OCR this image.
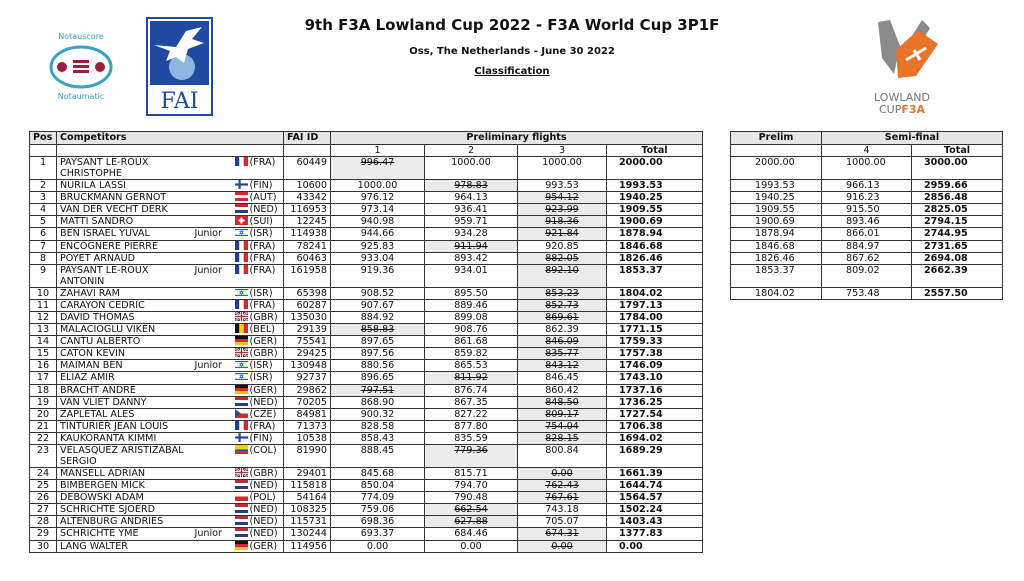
9th F3A Lowland Cup 2022 - F3A World Cup 3P1F
Oss, The Netherlands - June 30 2022
Classification
Notauscore
Notaumatic	FAI	LOWLAND
CUPF3A
Pos	Competitors			FAI ID	Preliminary flights					Prelim	Semi-final	
					1	2	3	Total			4	Total
1	PAYSANT LE-ROUX CHRISTOPHE		(FRA)	60449	996.47	1000.00	1000.00	2000.00		2000.00	1000.00	3000.00
2	NURILA LASSI		(FIN)	10600	1000.00	978.83	993.53	1993.53		1993.53	966.13	2959.66
3	BRUCKMANN GERNOT		(AUT)	43342	976.12	964.13	954.12	1940.25		1940.25	916.23	2856.48
4	VAN DER VECHT DERK		(NED)	116953	973.14	936.41	923.99	1909.55		1909.55	915.50	2825.05
5	MATTI SANDRO		(SUI)	12245	940.98	959.71	918.36	1900.69		1900.69	893.46	2794.15
6	BEN ISRAEL YUVAL	Junior	(ISR)	114938	944.66	934.28	921.84	1878.94		1878.94	866.01	2744.95
7	ENCOGNERE PIERRE		(FRA)	78241	925.83	911.94	920.85	1846.68		1846.68	884.97	2731.65
8	POYET ARNAUD		(FRA)	60463	933.04	893.42	882.05	1826.46		1826.46	867.62	2694.08
9	PAYSANT LE-ROUX ANTONIN	Junior	(FRA)	161958	919.36	934.01	892.10	1853.37		1853.37	809.02	2662.39
10	ZAHAVI RAM		(ISR)	65398	908.52	895.50	853.23	1804.02		1804.02	753.48	2557.50
11	CARAYON CEDRIC		(FRA)	60287	907.67	889.46	852.73	1797.13				
12	DAVID THOMAS		(GBR)	135030	884.92	899.08	869.61	1784.00				
13	MALACIOGLU VIKEN		(BEL)	29139	858.83	908.76	862.39	1771.15				
14	CANTU ALBERTO		(GER)	75541	897.65	861.68	846.09	1759.33				
15	CATON KEVIN		(GBR)	29425	897.56	859.82	835.77	1757.38				
16	MAIMAN BEN	Junior	(ISR)	130948	880.56	865.53	843.12	1746.09				
17	ELIAZ AMIR		(ISR)	92737	896.65	811.92	846.45	1743.10				
18	BRACHT ANDRE		(GER)	29862	797.51	876.74	860.42	1737.16				
19	VAN VLIET DANNY		(NED)	70205	868.90	867.35	848.50	1736.25				
20	ZAPLETAL ALES		(CZE)	84981	900.32	827.22	809.17	1727.54				
21	TINTURIER JEAN LOUIS		(FRA)	71373	828.58	877.80	754.04	1706.38				
22	KAUKORANTA KIMMI		(FIN)	10538	858.43	835.59	828.15	1694.02				
23	VELASQUEZ ARISTIZABAL SERGIO		(COL)	81990	888.45	779.36	800.84	1689.29				
24	MANSELL ADRIAN		(GBR)	29401	845.68	815.71	0.00	1661.39				
25	BIMBERGEN MICK		(NED)	115818	850.04	794.70	762.43	1644.74				
26	DEBOWSKI ADAM		(POL)	54164	774.09	790.48	767.61	1564.57				
27	SCHRICHTE SJOERD		(NED)	108325	759.06	662.54	743.18	1502.24				
28	ALTENBURG ANDRIES		(NED)	115731	698.36	627.88	705.07	1403.43				
29	SCHRICHTE YME	Junior	(NED)	130244	693.37	684.46	674.31	1377.83				
30	LANG WALTER		(GER)	114956	0.00	0.00	0.00	0.00				
